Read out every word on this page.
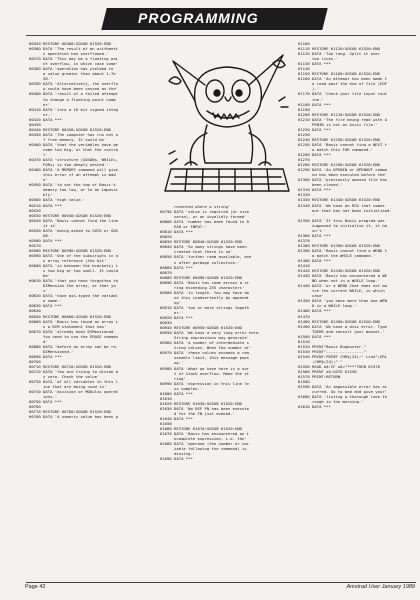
PROGRAMMING
60350 RESTORE 60360:GOSUB 61520:END
60360 DATA 'The result of an arithmeti
c operation has overflowed.'
60370 DATA 'This may be a floating poi
nt overflow, in which case some'
60380 DATA 'operation has yielded to
a value greater than about 1.7e
38.'
60390 DATA 'Alternatively, the overflo
w could have been caused as the'
60400 DATA 'result of a failed attempt
to change a floating point numb
er'
60410 DATA 'into a 16 bit signed integ
er.'
60420 DATA ***
60430
60440 RESTORE 60450:GOSUB 61520:END
60450 DATA 'The computer has run out o
f free memory. It could be'
60460 DATA 'that the variables have be
come too big, or that the contro
l'
60470 DATA 'structure (GOSUBs, WHILEs,
FORs) is too deeply nested.'
60480 DATA 'A MEMORY command will give
this error if an attempt is mad
e'
60490 DATA 'to set the top of Basic's
memory too low, or to an impossi
bly'
60500 DATA 'high value.'
60510 DATA ***
60520
60530 RESTORE 60540:GOSUB 61520:END
60540 DATA 'Basic cannot find the line
it is'
60550 DATA 'being asked to GOTO or GOS
UB.'
60560 DATA ***
60570
60580 RESTORE 60590:GOSUB 61520:END
60590 DATA 'One of the subscripts in a
n array reference (the bit'
60600 DATA 'in between the brackets) i
s too big or too small. It could
be'
60610 DATA 'that you have forgotten to
DIMension the array, or that yo
u'
60620 DATA 'have mis-typed the variabl
e name.'
60630 DATA ***
60640
60650 RESTORE 60660:GOSUB 61520:END
60660 DATA 'Basic has found an array i
n a DIM statement that has'
60670 DATA 'already been DIMensioned.
You need to use the ERASE comman
d'
60680 DATA 'before an array can be re-
DIMensioned.'
60690 DATA ***
60700
60710 RESTORE 60720:GOSUB 61520:END
60720 DATA 'You are trying to divide b
y zero. Check the value'
60730 DATA 'of all variables in this l
ine that are being used in'
60740 DATA 'division or MODulus operat
ions.'
60750 DATA ***
60760
60770 RESTORE 60780:GOSUB 61520:END
60780 DATA 'A numeric value has been p
resented where a string'
60790 DATA 'value is required (or vice
versa), or an invalidly formed'
60800 DATA 'number has been found in R
EAD or INPUT.'
60810 DATA ***
60820
60830 RESTORE 60840:GOSUB 61520:END
60840 DATA 'So many strings have been
created that there is no'
60850 DATA 'further room available, eve
n after garbage collection.'
60860 DATA ***
60870
60880 RESTORE 60890:GOSUB 61520:END
60890 DATA 'Basic has come across a st
ring exceeding 255 characters'
60900 DATA 'in length. You may have do
ne this inadvertently by appendi
ng'
60910 DATA 'two or more strings togeth
er.'
60920 DATA ***
60930
60940 RESTORE 60950:GOSUB 61520:END
60950 DATA 'We have a very long error here.
String expressions may generate'
60960 DATA 'a number of intermediate s
tring values. When the number of'
60970 DATA 'these values exceeds a rea
sonable limit, this message pops
up.'
60980 DATA 'What we have here is a sor
t of stack overflow. Make the st
ring'
60990 DATA 'expression in this line le
ss complex.'
61000 DATA ***
61010
61020 RESTORE 61030:GOSUB 61520:END
61030 DATA 'No DEF FN has been execute
d for the FN just evoked.'
61040 DATA ***
61050
61060 RESTORE 61070:GOSUB 61520:END
61070 DATA 'Basic has encountered an i
ncomplete expression, i.e. the'
61080 DATA 'operand (the number or var
iable following the command) is
missing.'
61090 DATA ***
61100
61110 RESTORE 61120:GOSUB 61520:END
61120 DATA 'Too long. Split it over
two lines.'
61130 DATA ***
61140
61150 RESTORE 61160:GOSUB 61520:END
61160 DATA 'An attempt has been made t
o read past the end of file (EOF
).'
61170 DATA 'Check your file input rout
ine.'
61180 DATA ***
61190
61200 RESTORE 61210:GOSUB 61520:END
61210 DATA 'The file being read with O
PENIN is not an Ascii file.'
61220 DATA ***
61230
61240 RESTORE 61250:GOSUB 61520:END
61250 DATA 'Basic cannot find a NEXT t
o match this FOR command.'
61260 DATA ***
61270
61280 RESTORE 61290:GOSUB 61520:END
61290 DATA 'An OPENIN or OPENOUT comma
nd has been executed before the'
61300 DATA 'previously opened file has
been closed.'
61310 DATA ***
61320
61330 RESTORE 61340:GOSUB 61520:END
61340 DATA 'We have an RSX that comes
out that has not been initialised.
'
61350 DATA 'If this Basic program was
supposed to initialise it, it ha
sn't.'
61360 DATA ***
61370
61380 RESTORE 61390:GOSUB 61520:END
61390 DATA 'Basic cannot find a WEND t
o match the WHILE command.'
61400 DATA ***
61410
61420 RESTORE 61430:GOSUB 61520:END
61430 DATA 'Basic has encountered a WE
ND when not in a WHILE loop.'
61440 DATA 'or a WEND that does not ma
tch the current WHILE, in which
case'
61450 DATA 'you have more than one WEN
D in a WHILE loop.'
61460 DATA ***
61470
61480 RESTORE 61490:GOSUB 61520:END
61490 DATA 'We have a disc error. Type
TOERR and consult your manual.'
61500 DATA ***
61510
61520 PRINT"Basic Bugbuster."
61530 PRINT"----------------"
61540 PRINT:PRINT CHR$(24);" Line";ERL
;CHR$(24);" "
61550 READ a$:IF a$="***"THEN 61570
61560 PRINT a$:GOTO 61550
61570 PRINT:RETURN
61580
61590 DATA 'An impossible error has oc
curred. Go to bed and give your'
61600 DATA 'listing a thorough look th
rough in the morning.'
61610 DATA ***
Page 42	Amstrad User January 1989
